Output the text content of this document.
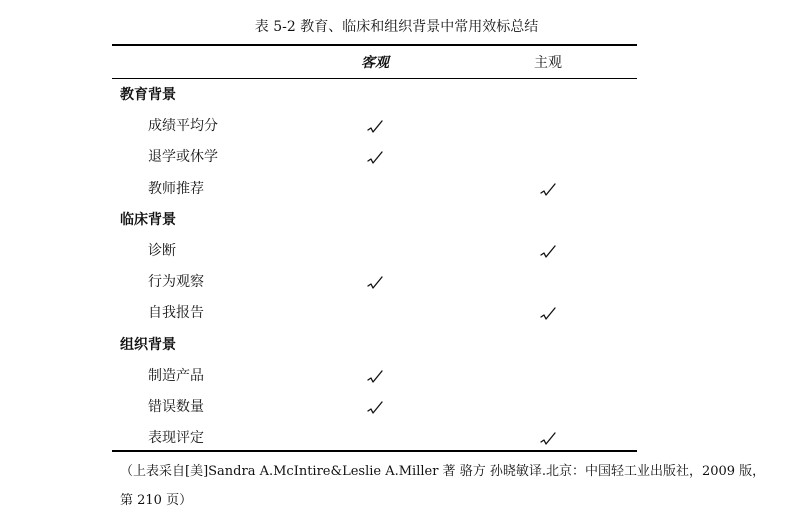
表 5-2 教育、临床和组织背景中常用效标总结
客观	主观
教育背景
成绩平均分
退学或休学
教师推荐
临床背景
诊断
行为观察
自我报告
组织背景
制造产品
错误数量
表现评定
（上表采自[美]Sandra A.McIntire&Leslie A.Miller 著 骆方 孙晓敏译.北京：中国轻工业出版社，2009 版，
第 210 页）
